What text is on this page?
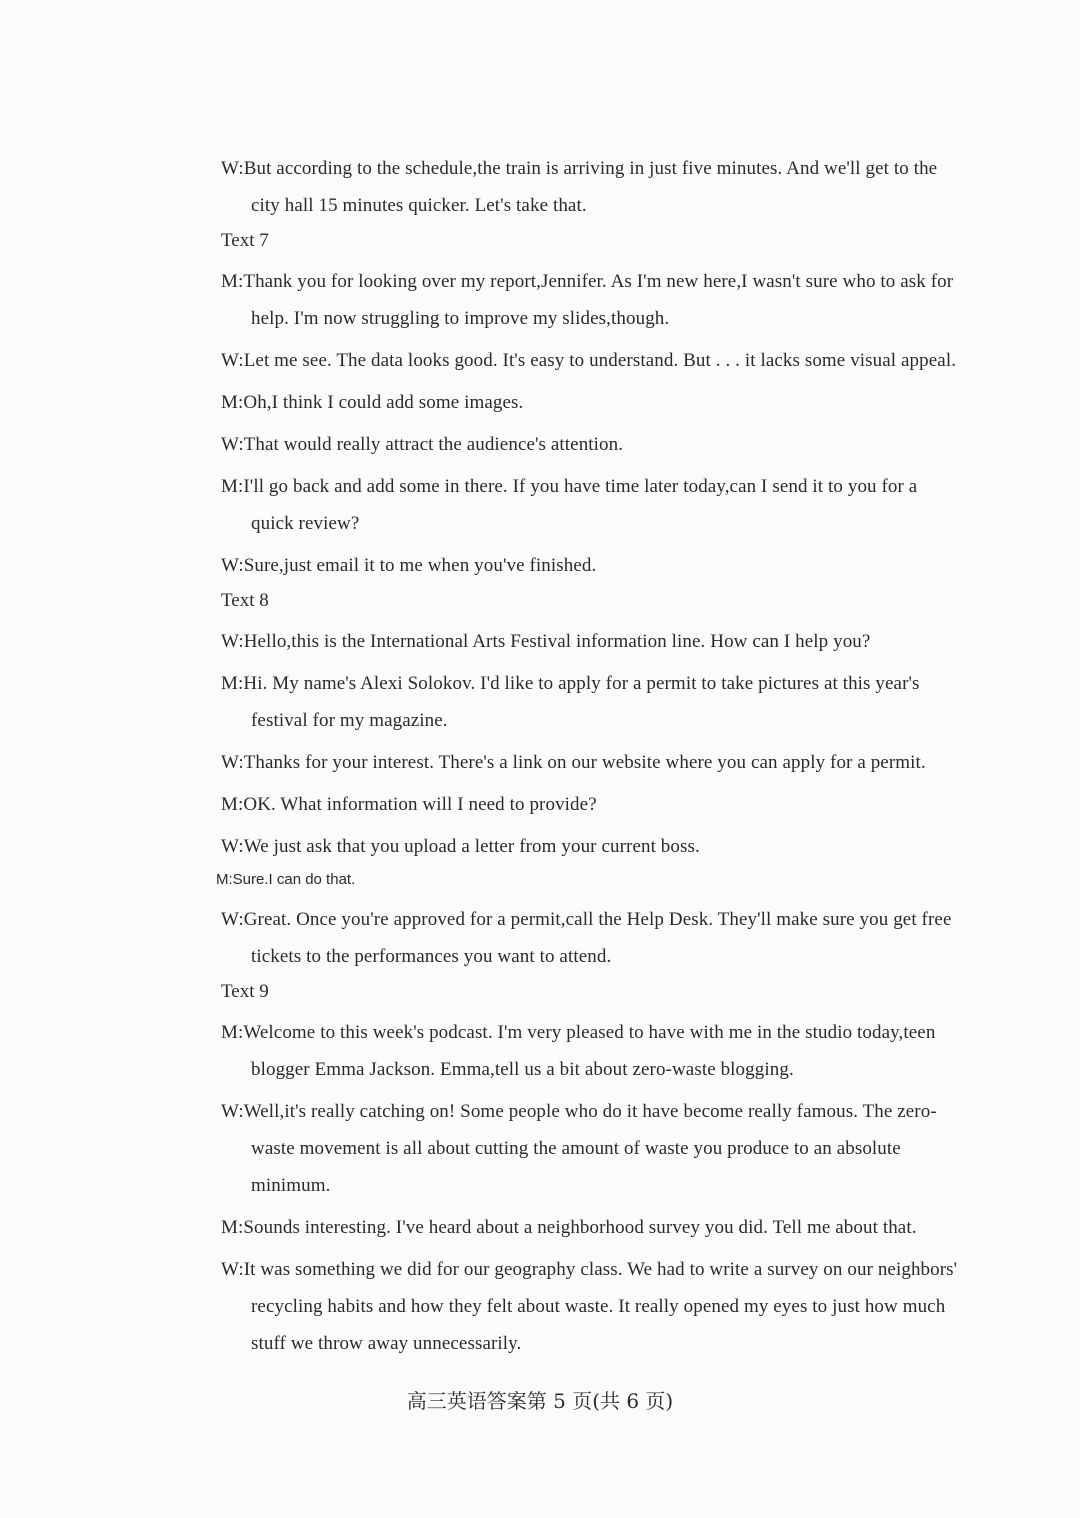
W:But according to the schedule,the train is arriving in just five minutes. And we'll get to the
city hall 15 minutes quicker. Let's take that.
Text 7
M:Thank you for looking over my report,Jennifer. As I'm new here,I wasn't sure who to ask for
help. I'm now struggling to improve my slides,though.
W:Let me see. The data looks good. It's easy to understand. But . . . it lacks some visual appeal.
M:Oh,I think I could add some images.
W:That would really attract the audience's attention.
M:I'll go back and add some in there. If you have time later today,can I send it to you for a
quick review?
W:Sure,just email it to me when you've finished.
Text 8
W:Hello,this is the International Arts Festival information line. How can I help you?
M:Hi. My name's Alexi Solokov. I'd like to apply for a permit to take pictures at this year's
festival for my magazine.
W:Thanks for your interest. There's a link on our website where you can apply for a permit.
M:OK. What information will I need to provide?
W:We just ask that you upload a letter from your current boss.
M:Sure.I can do that.
W:Great. Once you're approved for a permit,call the Help Desk. They'll make sure you get free
tickets to the performances you want to attend.
Text 9
M:Welcome to this week's podcast. I'm very pleased to have with me in the studio today,teen
blogger Emma Jackson. Emma,tell us a bit about zero-waste blogging.
W:Well,it's really catching on! Some people who do it have become really famous. The zero-
waste movement is all about cutting the amount of waste you produce to an absolute
minimum.
M:Sounds interesting. I've heard about a neighborhood survey you did. Tell me about that.
W:It was something we did for our geography class. We had to write a survey on our neighbors'
recycling habits and how they felt about waste. It really opened my eyes to just how much
stuff we throw away unnecessarily.
高三英语答案第 5 页(共 6 页)
